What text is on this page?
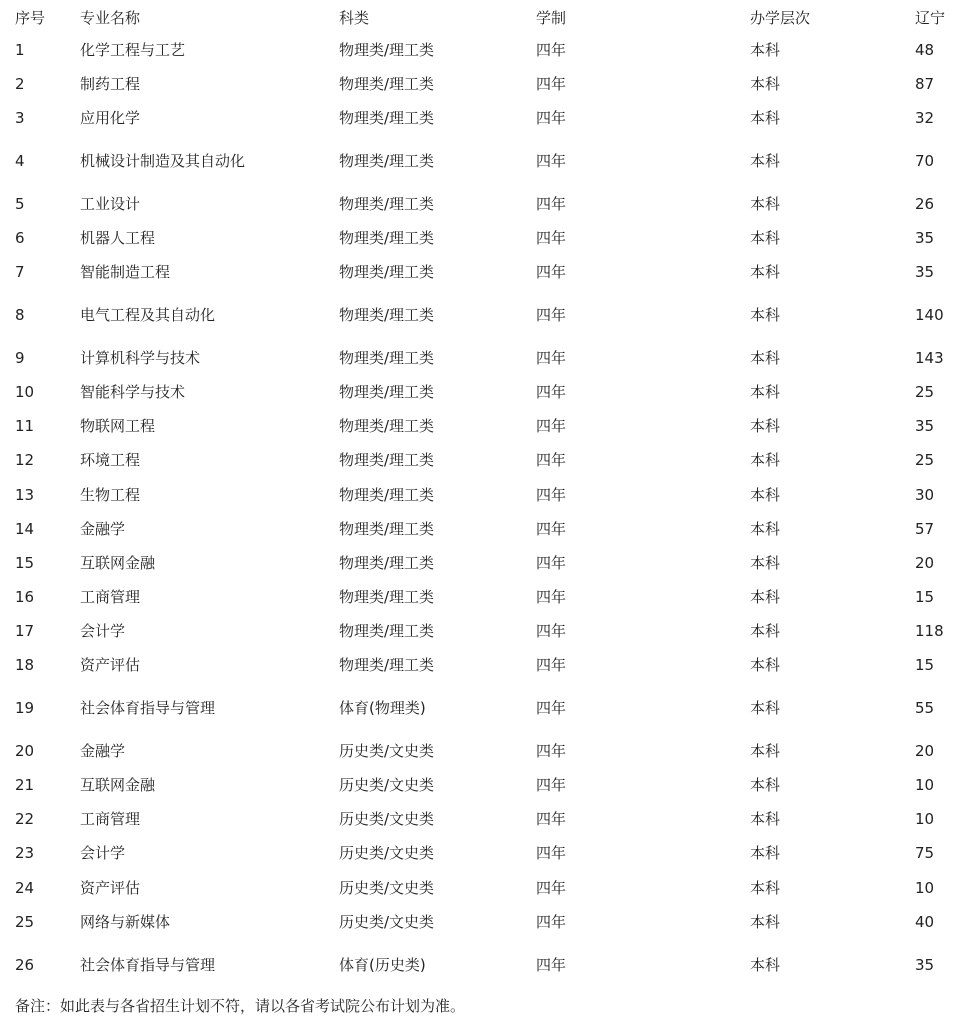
序号 专业名称	科类	学制	办学层次	辽宁
1	化学工程与工艺	物理类/理工类	四年	本科	48
2	制药工程	物理类/理工类	四年	本科	87
3	应用化学	物理类/理工类	四年	本科	32
4	机械设计制造及其自动化	物理类/理工类	四年	本科	70
5	工业设计	物理类/理工类	四年	本科	26
6	机器人工程	物理类/理工类	四年	本科	35
7	智能制造工程	物理类/理工类	四年	本科	35
8	电气工程及其自动化	物理类/理工类	四年	本科	140
9	计算机科学与技术	物理类/理工类	四年	本科	143
10	智能科学与技术	物理类/理工类	四年	本科	25
11	物联网工程	物理类/理工类	四年	本科	35
12	环境工程	物理类/理工类	四年	本科	25
13	生物工程	物理类/理工类	四年	本科	30
14	金融学	物理类/理工类	四年	本科	57
15	互联网金融	物理类/理工类	四年	本科	20
16	工商管理	物理类/理工类	四年	本科	15
17	会计学	物理类/理工类	四年	本科	118
18	资产评估	物理类/理工类	四年	本科	15
19	社会体育指导与管理	体育(物理类)	四年	本科	55
20	金融学	历史类/文史类	四年	本科	20
21	互联网金融	历史类/文史类	四年	本科	10
22	工商管理	历史类/文史类	四年	本科	10
23	会计学	历史类/文史类	四年	本科	75
24	资产评估	历史类/文史类	四年	本科	10
25	网络与新媒体	历史类/文史类	四年	本科	40
26	社会体育指导与管理	体育(历史类)	四年	本科	35
备注：如此表与各省招生计划不符，请以各省考试院公布计划为准。
